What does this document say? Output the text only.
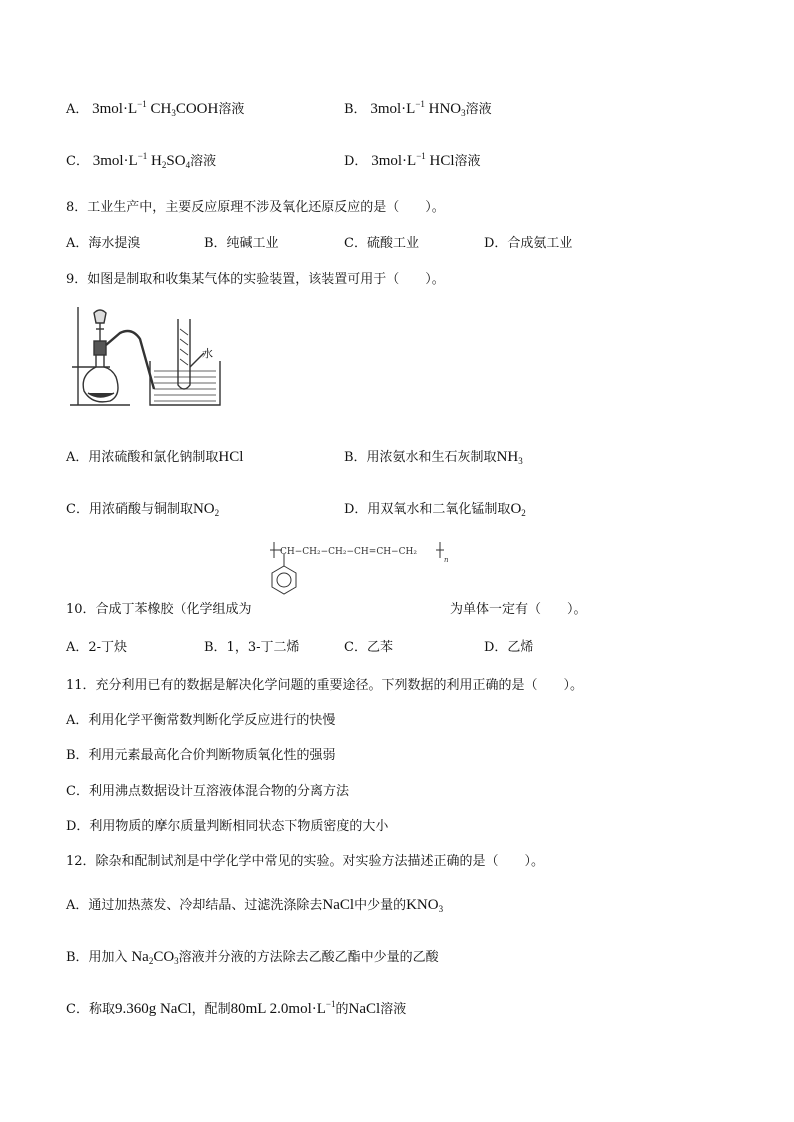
A． $3mol\cdot L^{-1}$ $CH_3COOH$溶液	B． $3mol\cdot L^{-1}$ $HNO_3$溶液
C． $3mol\cdot L^{-1}$ $H_2SO_4$溶液	D． $3mol\cdot L^{-1}$ HCl溶液
8．工业生产中，主要反应原理不涉及氧化还原反应的是（　　）。
A．海水提溴	B．纯碱工业	C．硫酸工业	D．合成氨工业
9．如图是制取和收集某气体的实验装置，该装置可用于（　　）。
水
A．用浓硫酸和氯化钠制取HCl	B．用浓氨水和生石灰制取$NH_3$
C．用浓硝酸与铜制取$NO_2$	D．用双氧水和二氧化锰制取$O_2$
CH−CH₂−CH₂−CH=CH−CH₂
n
10．合成丁苯橡胶（化学组成为	为单体一定有（　　）。
A．2-丁炔	B．1，3-丁二烯	C．乙苯	D．乙烯
11．充分利用已有的数据是解决化学问题的重要途径。下列数据的利用正确的是（　　）。
A．利用化学平衡常数判断化学反应进行的快慢
B．利用元素最高化合价判断物质氧化性的强弱
C．利用沸点数据设计互溶液体混合物的分离方法
D．利用物质的摩尔质量判断相同状态下物质密度的大小
12．除杂和配制试剂是中学化学中常见的实验。对实验方法描述正确的是（　　）。
A．通过加热蒸发、冷却结晶、过滤洗涤除去NaCl中少量的$KNO_3$
B．用加入 $Na_2CO_3$溶液并分液的方法除去乙酸乙酯中少量的乙酸
C．称取9.360g NaCl，配制80mL $2.0mol\cdot L^{-1}$的NaCl溶液
